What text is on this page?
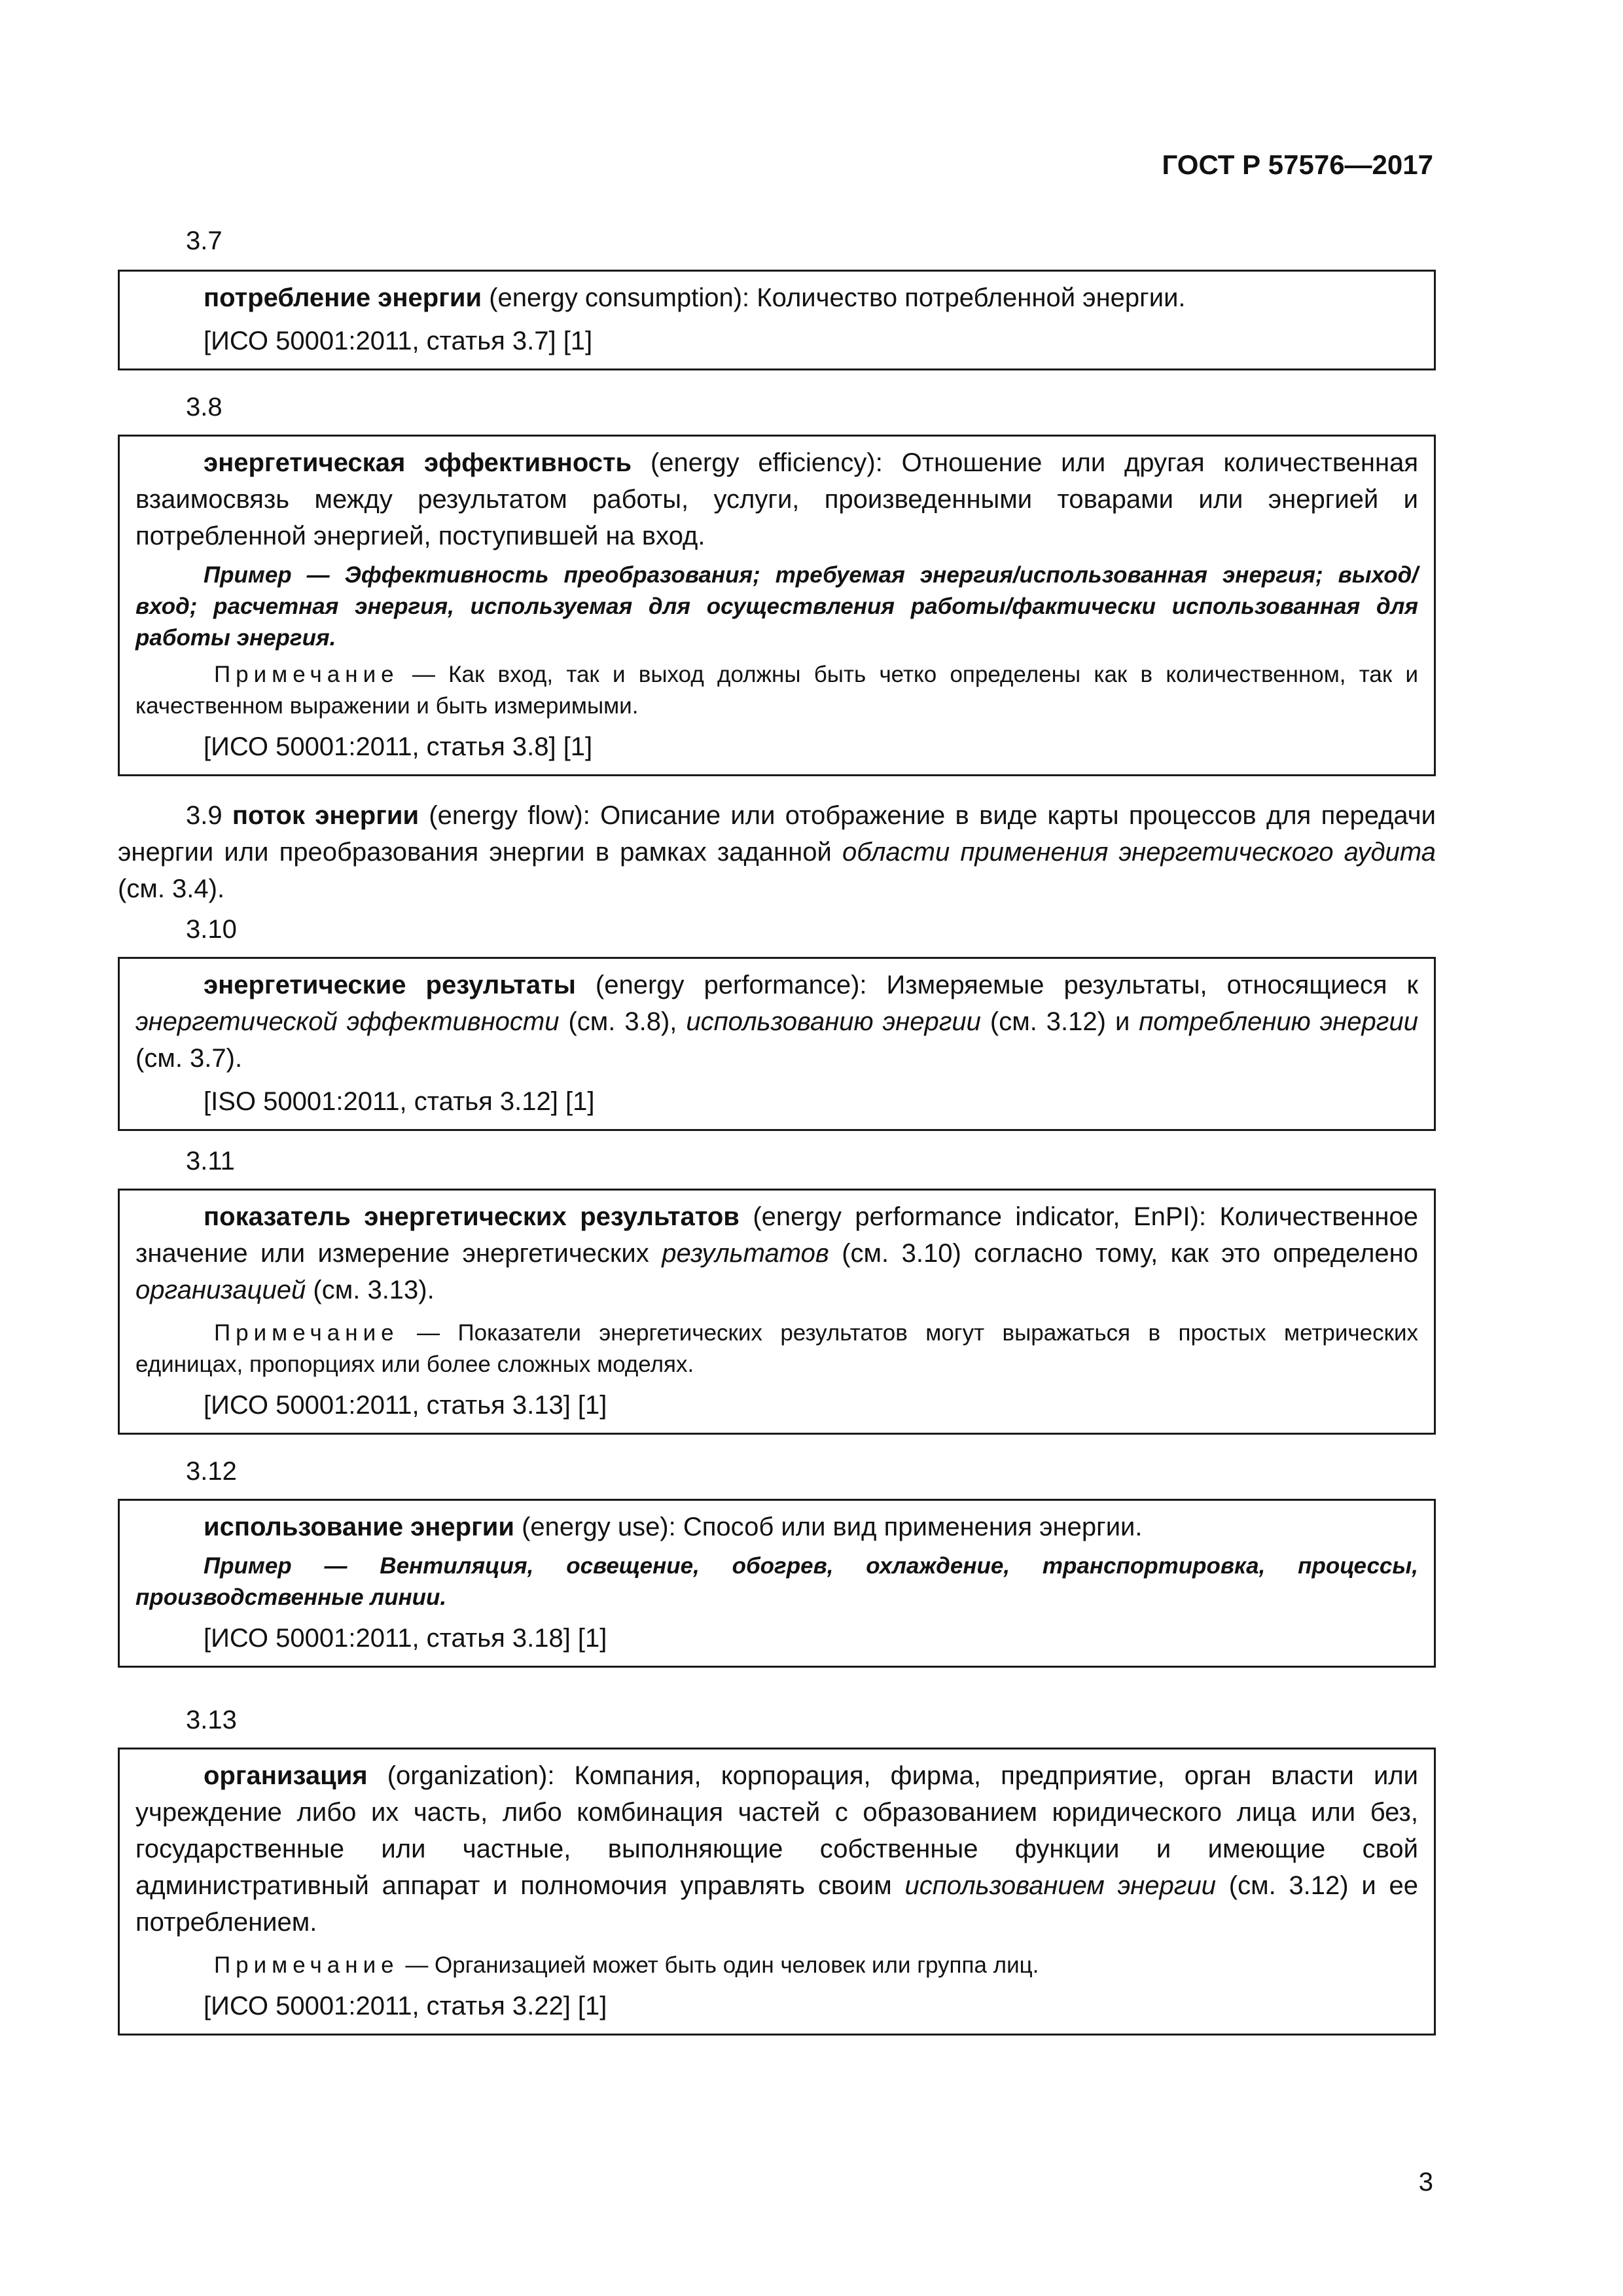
ГОСТ Р 57576—2017
3.7

потребление энергии (energy consumption): Количество потребленной энергии.

[ИСО 50001:2011, статья 3.7] [1]

3.8

энергетическая эффективность (energy efficiency): Отношение или другая количественная взаимосвязь между результатом работы, услуги, произведенными товарами или энергией и потребленной энергией, поступившей на вход.

Пример — Эффективность преобразования; требуемая энергия/использованная энергия; выход/вход; расчетная энергия, используемая для осуществления работы/фактически использованная для работы энергия.

Примечание — Как вход, так и выход должны быть четко определены как в количественном, так и качественном выражении и быть измеримыми.

[ИСО 50001:2011, статья 3.8] [1]

3.9 поток энергии (energy flow): Описание или отображение в виде карты процессов для передачи энергии или преобразования энергии в рамках заданной области применения энергетического аудита (см. 3.4).

3.10

энергетические результаты (energy performance): Измеряемые результаты, относящиеся к энергетической эффективности (см. 3.8), использованию энергии (см. 3.12) и потреблению энергии (см. 3.7).

[ISO 50001:2011, статья 3.12] [1]

3.11

показатель энергетических результатов (energy performance indicator, EnPI): Количественное значение или измерение энергетических результатов (см. 3.10) согласно тому, как это определено организацией (см. 3.13).

Примечание — Показатели энергетических результатов могут выражаться в простых метрических единицах, пропорциях или более сложных моделях.

[ИСО 50001:2011, статья 3.13] [1]

3.12

использование энергии (energy use): Способ или вид применения энергии.

Пример — Вентиляция, освещение, обогрев, охлаждение, транспортировка, процессы, производственные линии.

[ИСО 50001:2011, статья 3.18] [1]

3.13

организация (organization): Компания, корпорация, фирма, предприятие, орган власти или учреждение либо их часть, либо комбинация частей с образованием юридического лица или без, государственные или частные, выполняющие собственные функции и имеющие свой административный аппарат и полномочия управлять своим использованием энергии (см. 3.12) и ее потреблением.

Примечание — Организацией может быть один человек или группа лиц.

[ИСО 50001:2011, статья 3.22] [1]

3
